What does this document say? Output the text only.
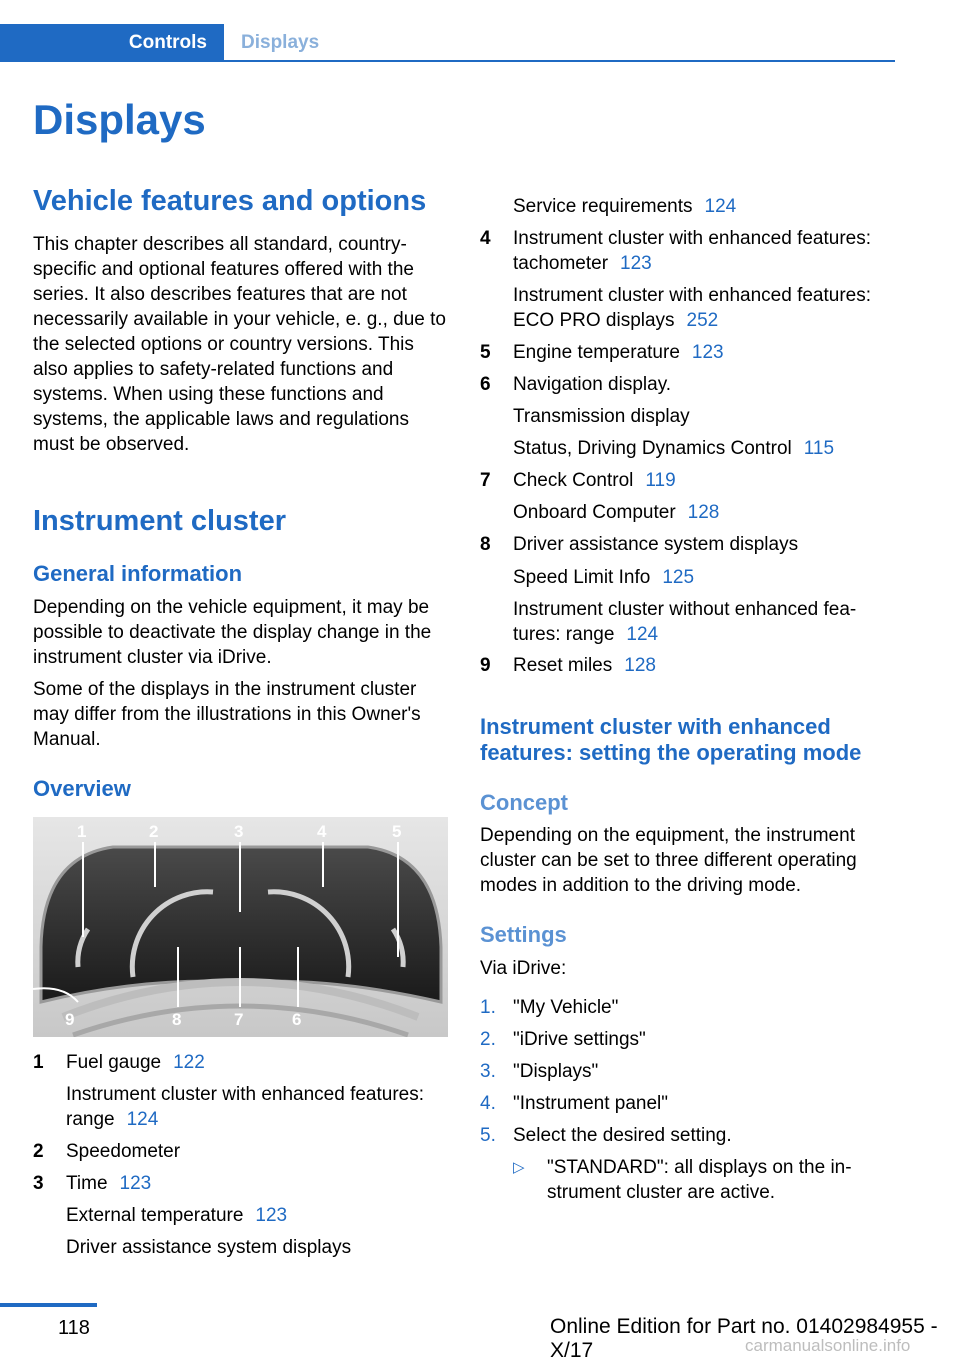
Controls	Displays
Displays
Vehicle features and options
This chapter describes all standard, country-specific and optional features offered with the series. It also describes features that are not necessarily available in your vehicle, e. g., due to the selected options or country versions. This also applies to safety-related functions and systems. When using these functions and systems, the applicable laws and regulations must be observed.
Instrument cluster
General information
Depending on the vehicle equipment, it may be possible to deactivate the display change in the instrument cluster via iDrive.
Some of the displays in the instrument cluster may differ from the illustrations in this Owner's Manual.
Overview
1	2	3	4	5
9	8	7	6
1	Fuel gauge 122
Instrument cluster with enhanced features:
range 124
2	Speedometer
3	Time 123
External temperature 123
Driver assistance system displays
Service requirements 124
4	Instrument cluster with enhanced features:
tachometer 123
Instrument cluster with enhanced features:
ECO PRO displays 252
5	Engine temperature 123
6	Navigation display.
Transmission display
Status, Driving Dynamics Control 115
7	Check Control 119
Onboard Computer 128
8	Driver assistance system displays
Speed Limit Info 125
Instrument cluster without enhanced fea-
tures: range 124
9	Reset miles 128
Instrument cluster with enhanced features: setting the operating mode
Concept
Depending on the equipment, the instrument cluster can be set to three different operating modes in addition to the driving mode.
Settings
Via iDrive:
1. "My Vehicle"
2. "iDrive settings"
3. "Displays"
4. "Instrument panel"
5. Select the desired setting.
▷ "STANDARD": all displays on the in-strument cluster are active.
118	Online Edition for Part no. 01402984955 - X/17	carmanualsonline.info
